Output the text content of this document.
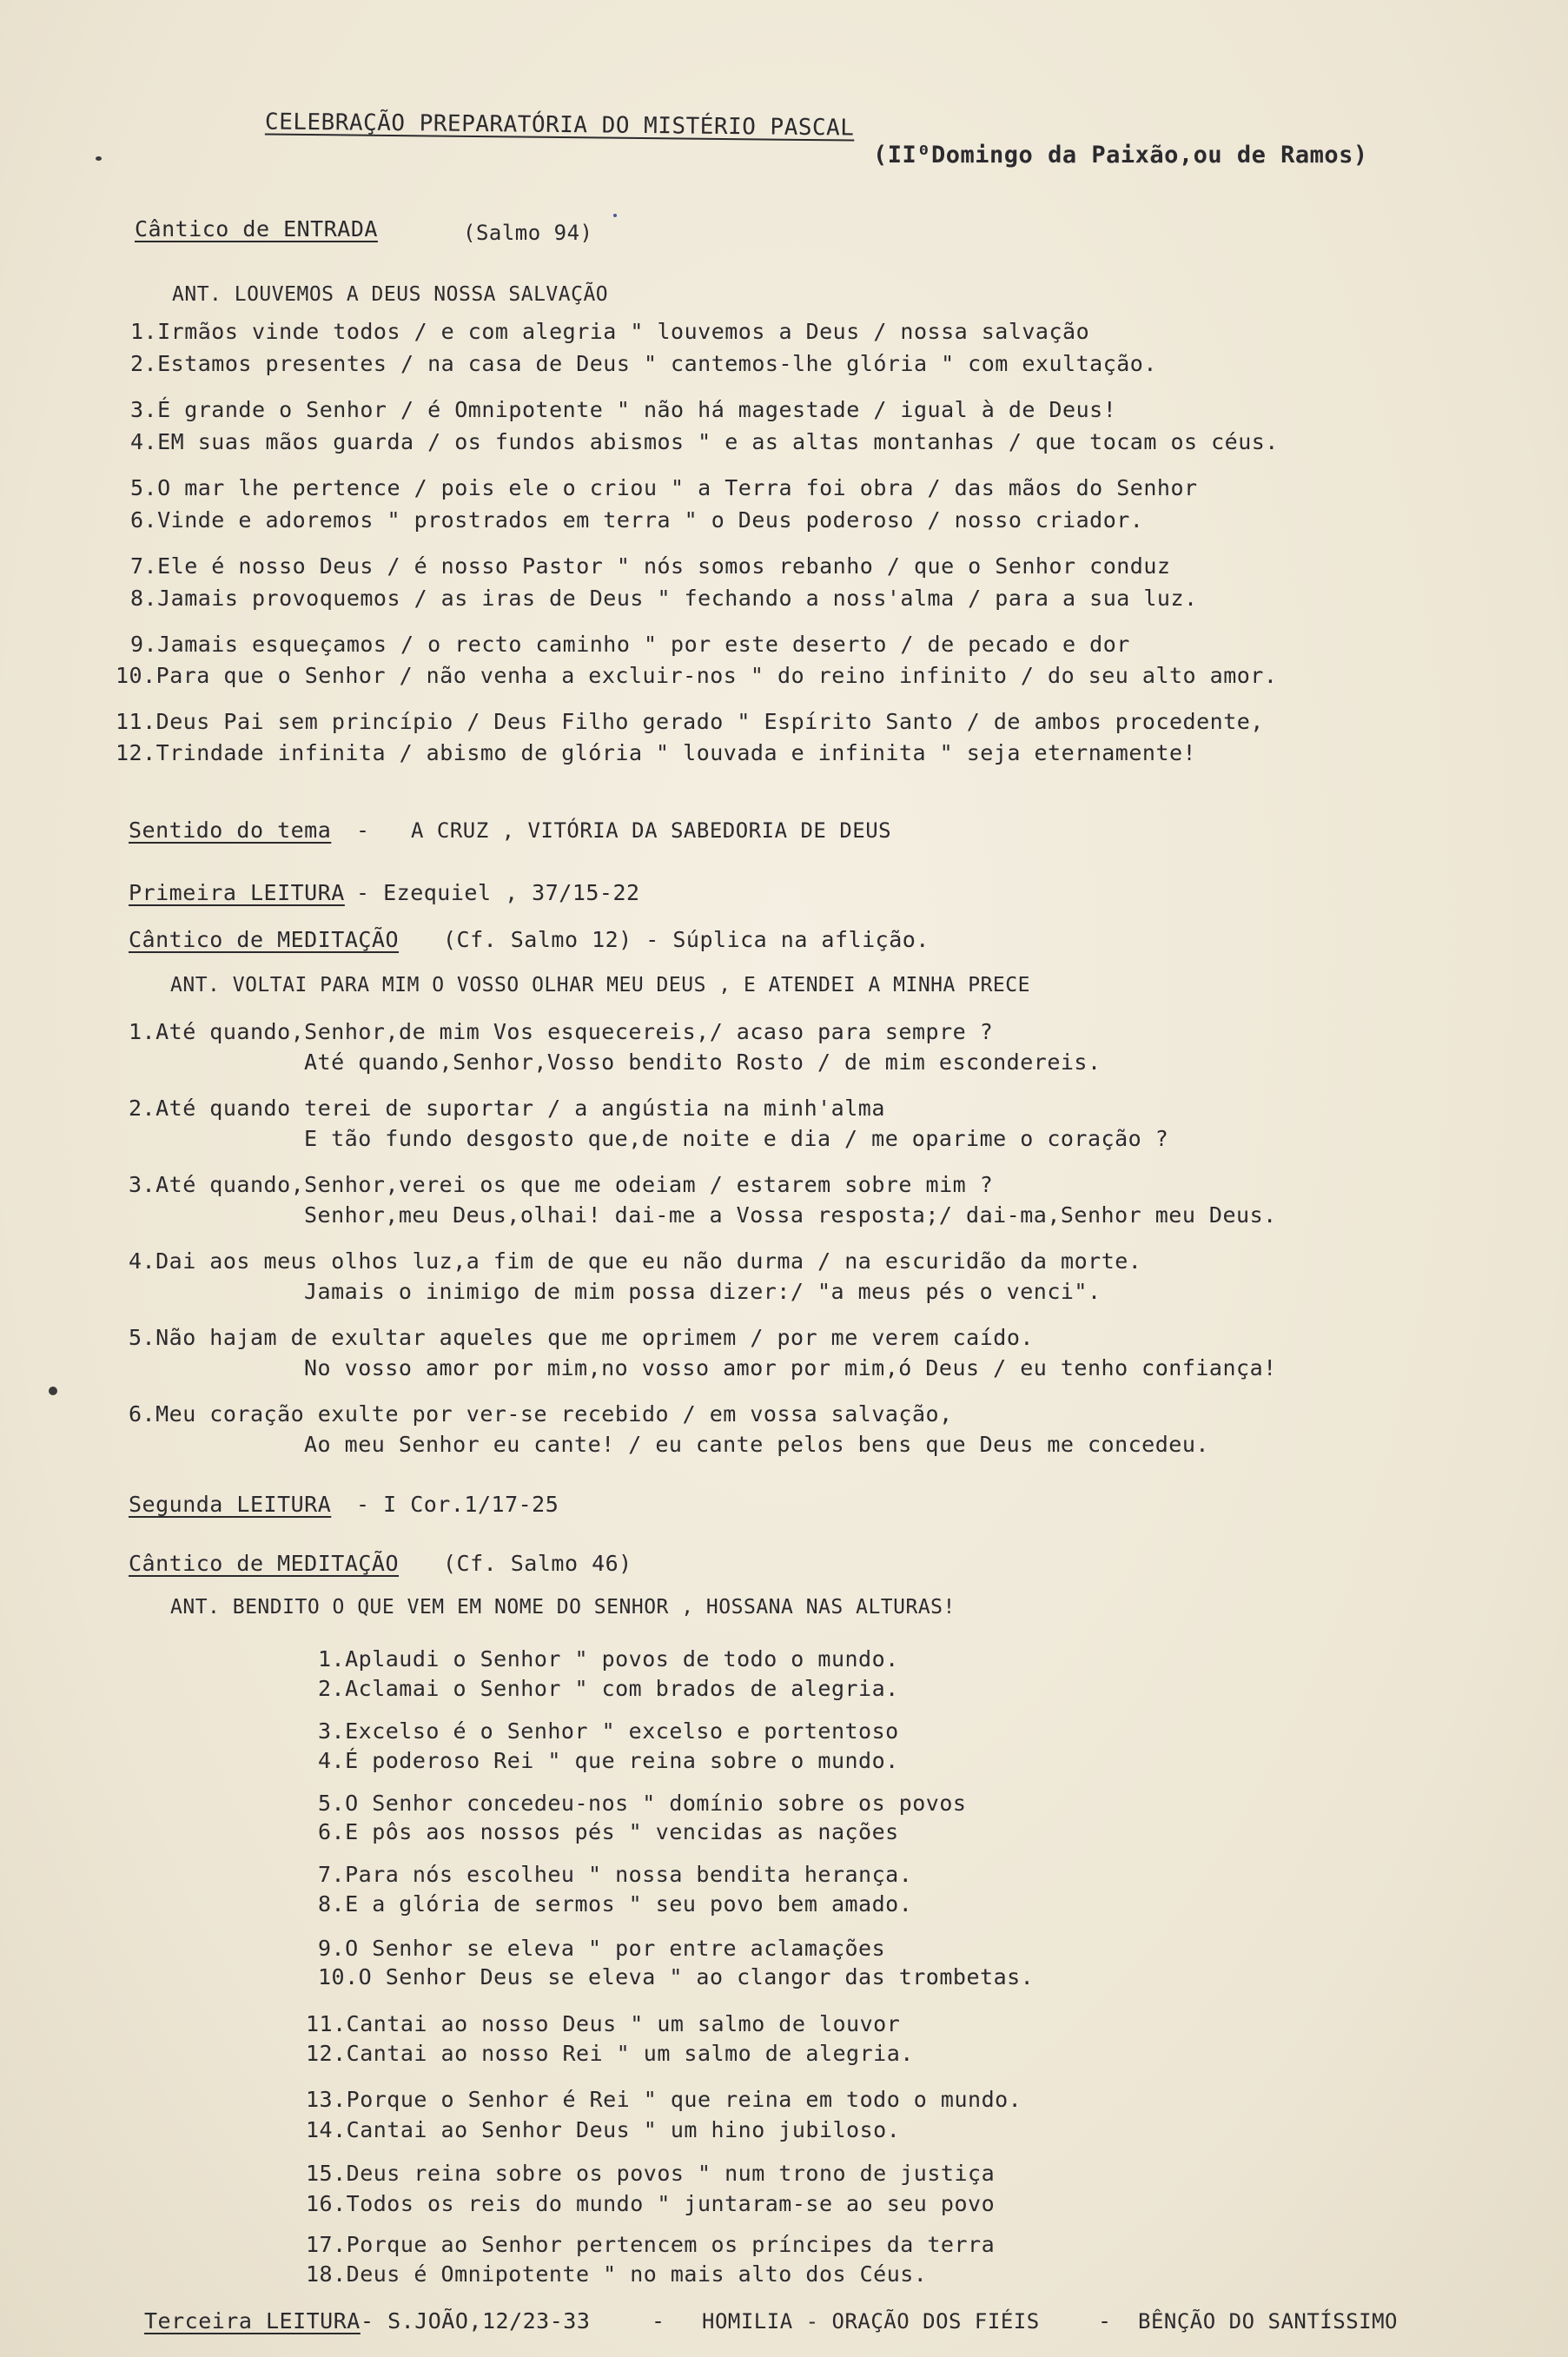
CELEBRAÇÃO PREPARATÓRIA DO MISTÉRIO PASCAL
(II⁰Domingo da Paixão,ou de Ramos)
Cântico de ENTRADA	(Salmo 94)
ANT. LOUVEMOS A DEUS NOSSA SALVAÇÃO
1.Irmãos vinde todos / e com alegria " louvemos a Deus / nossa salvação
2.Estamos presentes / na casa de Deus " cantemos-lhe glória " com exultação.
3.É grande o Senhor / é Omnipotente " não há magestade / igual à de Deus!
4.EM suas mãos guarda / os fundos abismos " e as altas montanhas / que tocam os céus.
5.O mar lhe pertence / pois ele o criou " a Terra foi obra / das mãos do Senhor
6.Vinde e adoremos " prostrados em terra " o Deus poderoso / nosso criador.
7.Ele é nosso Deus / é nosso Pastor " nós somos rebanho / que o Senhor conduz
8.Jamais provoquemos / as iras de Deus " fechando a noss'alma / para a sua luz.
9.Jamais esqueçamos / o recto caminho " por este deserto / de pecado e dor
10.Para que o Senhor / não venha a excluir-nos " do reino infinito / do seu alto amor.
11.Deus Pai sem princípio / Deus Filho gerado " Espírito Santo / de ambos procedente,
12.Trindade infinita / abismo de glória " louvada e infinita " seja eternamente!
Sentido do tema - A CRUZ , VITÓRIA DA SABEDORIA DE DEUS
Primeira LEITURA - Ezequiel , 37/15-22
Cântico de MEDITAÇÃO (Cf. Salmo 12) - Súplica na aflição.
ANT. VOLTAI PARA MIM O VOSSO OLHAR MEU DEUS , E ATENDEI A MINHA PRECE
1.Até quando,Senhor,de mim Vos esquecereis,/ acaso para sempre ?
Até quando,Senhor,Vosso bendito Rosto / de mim escondereis.
2.Até quando terei de suportar / a angústia na minh'alma
E tão fundo desgosto que,de noite e dia / me oparime o coração ?
3.Até quando,Senhor,verei os que me odeiam / estarem sobre mim ?
Senhor,meu Deus,olhai! dai-me a Vossa resposta;/ dai-ma,Senhor meu Deus.
4.Dai aos meus olhos luz,a fim de que eu não durma / na escuridão da morte.
Jamais o inimigo de mim possa dizer:/ "a meus pés o venci".
5.Não hajam de exultar aqueles que me oprimem / por me verem caído.
No vosso amor por mim,no vosso amor por mim,ó Deus / eu tenho confiança!
6.Meu coração exulte por ver-se recebido / em vossa salvação,
Ao meu Senhor eu cante! / eu cante pelos bens que Deus me concedeu.
Segunda LEITURA - I Cor.1/17-25
Cântico de MEDITAÇÃO (Cf. Salmo 46)
ANT. BENDITO O QUE VEM EM NOME DO SENHOR , HOSSANA NAS ALTURAS!
1.Aplaudi o Senhor " povos de todo o mundo.
2.Aclamai o Senhor " com brados de alegria.
3.Excelso é o Senhor " excelso e portentoso
4.É poderoso Rei " que reina sobre o mundo.
5.O Senhor concedeu-nos " domínio sobre os povos
6.E pôs aos nossos pés " vencidas as nações
7.Para nós escolheu " nossa bendita herança.
8.E a glória de sermos " seu povo bem amado.
9.O Senhor se eleva " por entre aclamações
10.O Senhor Deus se eleva " ao clangor das trombetas.
11.Cantai ao nosso Deus " um salmo de louvor
12.Cantai ao nosso Rei " um salmo de alegria.
13.Porque o Senhor é Rei " que reina em todo o mundo.
14.Cantai ao Senhor Deus " um hino jubiloso.
15.Deus reina sobre os povos " num trono de justiça
16.Todos os reis do mundo " juntaram-se ao seu povo
17.Porque ao Senhor pertencem os príncipes da terra
18.Deus é Omnipotente " no mais alto dos Céus.
Terceira LEITURA - S.JOÃO,12/23-33	- HOMILIA - ORAÇÃO DOS FIÉIS	- BÊNÇÃO DO SANTÍSSIMO
